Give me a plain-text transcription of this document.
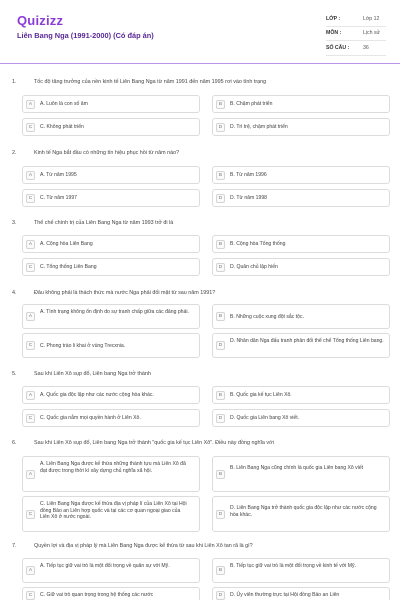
Quizizz
Liên Bang Nga (1991-2000) (Có đáp án)
LỚP :	Lớp 12
MÔN :	Lịch sử
SỐ CÂU :	36
1.	Tốc độ tăng trưởng của nền kinh tế Liên Bang Nga từ năm 1991 đến năm 1995 rơi vào tình trạng
A	A. Luôn là con số âm	B	B. Chậm phát triển
C	C. Không phát triển	D	D. Trì trệ, chậm phát triển
2.	Kinh tế Nga bắt đầu có những tín hiệu phục hồi từ năm nào?
A	A. Từ năm 1995	B	B. Từ năm 1996
C	C. Từ năm 1997	D	D. Từ năm 1998
3.	Thể chế chính trị của Liên Bang Nga từ năm 1993 trở đi là
A	A. Cộng hòa Liên Bang	B	B. Cộng hòa Tổng thống
C	C. Tổng thống Liên Bang	D	D. Quân chủ lập hiến
4.	Đâu không phải là thách thức mà nước Nga phải đối mặt từ sau năm 1991?
A
A. Tình trạng không ổn định do sự tranh chấp giữa các đảng phái.
B	B. Những cuộc xung đột sắc tộc.
C	C. Phong trào li khai ở vùng Trecxnia.	D
D. Nhân dân Nga đấu tranh phản đối thể chế Tổng thống Liên bang.
5.	Sau khi Liên Xô sụp đổ, Liên bang Nga trở thành
A	A. Quốc gia độc lập như các nước cộng hòa khác.	B	B. Quốc gia kế tục Liên Xô.
C	C. Quốc gia nắm mọi quyền hành ở Liên Xô.	D	D. Quốc gia Liên bang Xô viết.
6.	Sau khi Liên Xô sụp đổ, Liên bang Nga trở thành "quốc gia kế tục Liên Xô". Điều này đồng nghĩa với
A
A. Liên Bang Nga được kế thừa những thành tựu mà Liên Xô đã đạt được trong thời kì xây dựng chủ nghĩa xã hội.
B
B. Liên Bang Nga cũng chính là quốc gia Liên bang Xô viết
C
C. Liên Bang Nga được kế thừa địa vị pháp lí của Liên Xô tại Hội đồng Bảo an Liên hợp quốc và tại các cơ quan ngoại giao của Liên Xô ở nước ngoài.	D
D. Liên Bang Nga trở thành quốc gia độc lập như các nước cộng hòa khác.
7.	Quyền lợi và địa vị pháp lý mà Liên Bang Nga được kế thừa từ sau khi Liên Xô tan rã là gì?
A
A. Tiếp tục giữ vai trò là một đối trọng về quân sự với Mỹ.
B
B. Tiếp tục giữ vai trò là một đối trọng về kinh tế với Mỹ.
C	C. Giữ vai trò quan trọng trong hệ thống các nước	D	D. Ủy viên thường trực tại Hội đồng Bảo an Liên
